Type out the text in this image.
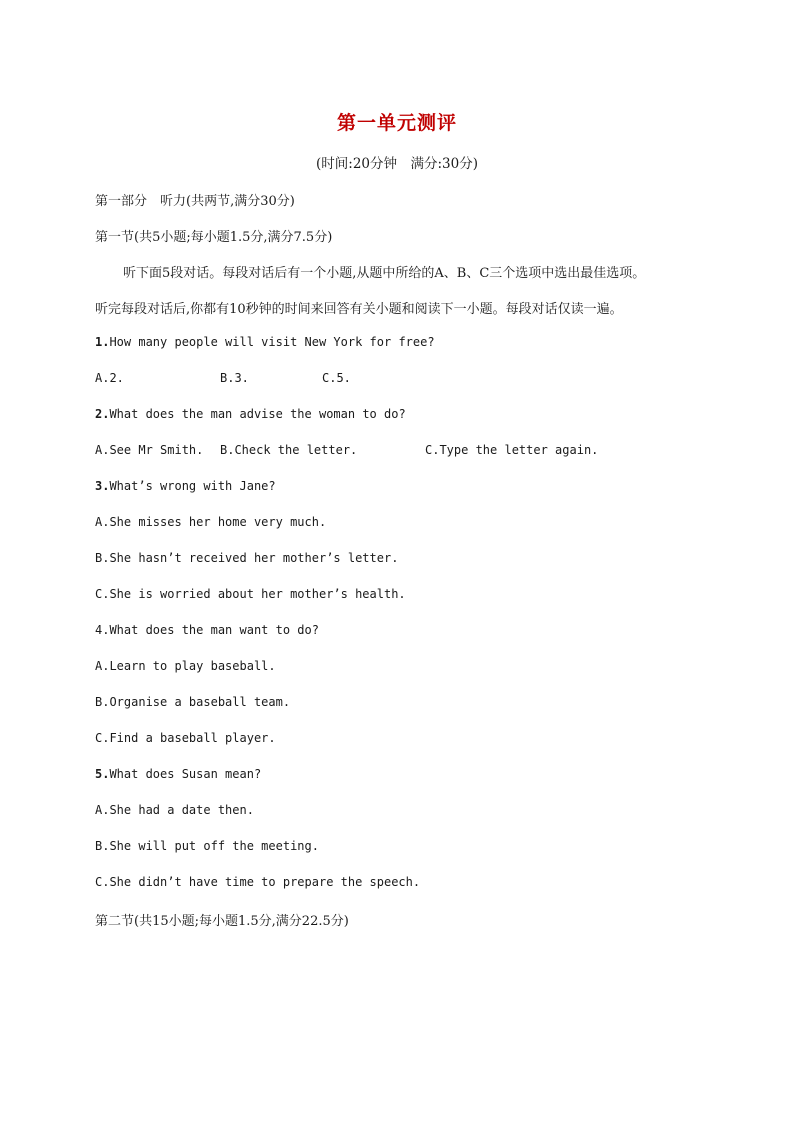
第一单元测评
(时间:20分钟　满分:30分)
第一部分　听力(共两节,满分30分)
第一节(共5小题;每小题1.5分,满分7.5分)
听下面5段对话。每段对话后有一个小题,从题中所给的A、B、C三个选项中选出最佳选项。
听完每段对话后,你都有10秒钟的时间来回答有关小题和阅读下一小题。每段对话仅读一遍。
1.How many people will visit New York for free?
A.2.	B.3.	C.5.
2.What does the man advise the woman to do?
A.See Mr Smith. B.Check the letter.	C.Type the letter again.
3.What’s wrong with Jane?
A.She misses her home very much.
B.She hasn’t received her mother’s letter.
C.She is worried about her mother’s health.
4.What does the man want to do?
A.Learn to play baseball.
B.Organise a baseball team.
C.Find a baseball player.
5.What does Susan mean?
A.She had a date then.
B.She will put off the meeting.
C.She didn’t have time to prepare the speech.
第二节(共15小题;每小题1.5分,满分22.5分)
